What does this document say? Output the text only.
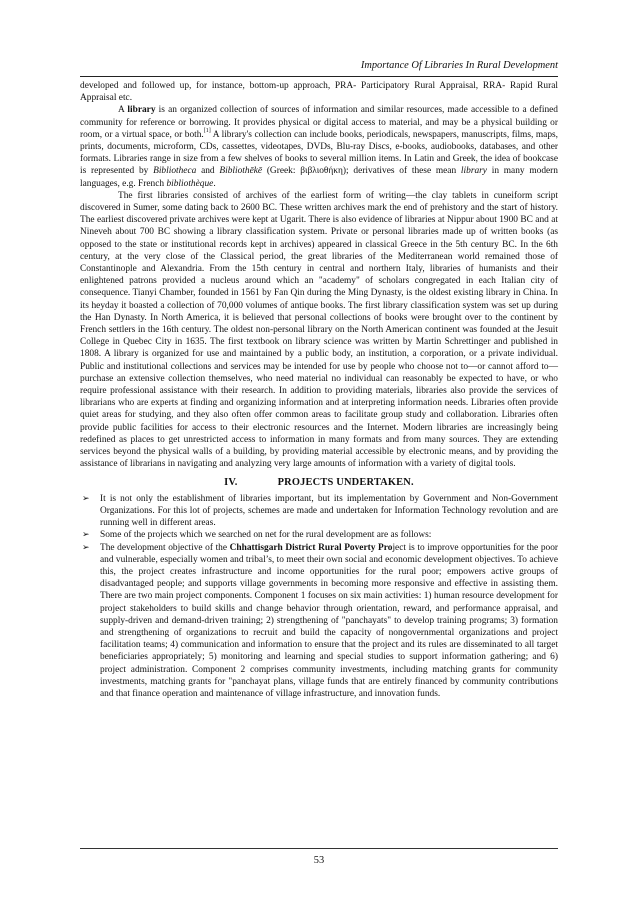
Importance Of Libraries In Rural Development

developed and followed up, for instance, bottom-up approach, PRA- Participatory Rural Appraisal, RRA- Rapid Rural Appraisal etc.

A library is an organized collection of sources of information and similar resources, made accessible to a defined community for reference or borrowing. It provides physical or digital access to material, and may be a physical building or room, or a virtual space, or both.[1] A library's collection can include books, periodicals, newspapers, manuscripts, films, maps, prints, documents, microform, CDs, cassettes, videotapes, DVDs, Blu-ray Discs, e-books, audiobooks, databases, and other formats. Libraries range in size from a few shelves of books to several million items. In Latin and Greek, the idea of bookcase is represented by Bibliotheca and Bibliothēkē (Greek: βιβλιοθήκη); derivatives of these mean library in many modern languages, e.g. French bibliothèque.

The first libraries consisted of archives of the earliest form of writing—the clay tablets in cuneiform script discovered in Sumer, some dating back to 2600 BC. These written archives mark the end of prehistory and the start of history. The earliest discovered private archives were kept at Ugarit. There is also evidence of libraries at Nippur about 1900 BC and at Nineveh about 700 BC showing a library classification system. Private or personal libraries made up of written books (as opposed to the state or institutional records kept in archives) appeared in classical Greece in the 5th century BC. In the 6th century, at the very close of the Classical period, the great libraries of the Mediterranean world remained those of Constantinople and Alexandria. From the 15th century in central and northern Italy, libraries of humanists and their enlightened patrons provided a nucleus around which an "academy" of scholars congregated in each Italian city of consequence. Tianyi Chamber, founded in 1561 by Fan Qin during the Ming Dynasty, is the oldest existing library in China. In its heyday it boasted a collection of 70,000 volumes of antique books. The first library classification system was set up during the Han Dynasty. In North America, it is believed that personal collections of books were brought over to the continent by French settlers in the 16th century. The oldest non-personal library on the North American continent was founded at the Jesuit College in Quebec City in 1635. The first textbook on library science was written by Martin Schrettinger and published in 1808. A library is organized for use and maintained by a public body, an institution, a corporation, or a private individual. Public and institutional collections and services may be intended for use by people who choose not to—or cannot afford to—purchase an extensive collection themselves, who need material no individual can reasonably be expected to have, or who require professional assistance with their research. In addition to providing materials, libraries also provide the services of librarians who are experts at finding and organizing information and at interpreting information needs. Libraries often provide quiet areas for studying, and they also often offer common areas to facilitate group study and collaboration. Libraries often provide public facilities for access to their electronic resources and the Internet. Modern libraries are increasingly being redefined as places to get unrestricted access to information in many formats and from many sources. They are extending services beyond the physical walls of a building, by providing material accessible by electronic means, and by providing the assistance of librarians in navigating and analyzing very large amounts of information with a variety of digital tools.

IV.	PROJECTS UNDERTAKEN.
➢ It is not only the establishment of libraries important, but its implementation by Government and Non-Government Organizations. For this lot of projects, schemes are made and undertaken for Information Technology revolution and are running well in different areas.
➢ Some of the projects which we searched on net for the rural development are as follows:
➢ The development objective of the Chhattisgarh District Rural Poverty Project is to improve opportunities for the poor and vulnerable, especially women and tribal’s, to meet their own social and economic development objectives. To achieve this, the project creates infrastructure and income opportunities for the rural poor; empowers active groups of disadvantaged people; and supports village governments in becoming more responsive and effective in assisting them. There are two main project components. Component 1 focuses on six main activities: 1) human resource development for project stakeholders to build skills and change behavior through orientation, reward, and performance appraisal, and supply-driven and demand-driven training; 2) strengthening of "panchayats" to develop training programs; 3) formation and strengthening of organizations to recruit and build the capacity of nongovernmental organizations and project facilitation teams; 4) communication and information to ensure that the project and its rules are disseminated to all target beneficiaries appropriately; 5) monitoring and learning and special studies to support information gathering; and 6) project administration. Component 2 comprises community investments, including matching grants for community investments, matching grants for "panchayat plans, village funds that are entirely financed by community contributions and that finance operation and maintenance of village infrastructure, and innovation funds.
53
